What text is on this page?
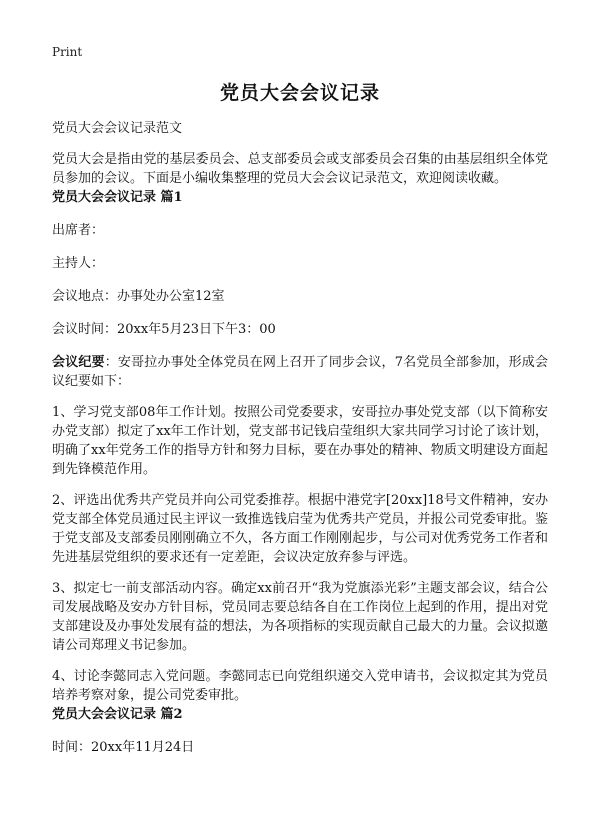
Print

党员大会会议记录

党员大会会议记录范文

党员大会是指由党的基层委员会、总支部委员会或支部委员会召集的由基层组织全体党员参加的会议。下面是小编收集整理的党员大会会议记录范文，欢迎阅读收藏。

党员大会会议记录 篇1

出席者：

主持人：

会议地点：办事处办公室12室

会议时间：20xx年5月23日下午3：00

会议纪要：安哥拉办事处全体党员在网上召开了同步会议，7名党员全部参加，形成会议纪要如下：

1、学习党支部08年工作计划。按照公司党委要求，安哥拉办事处党支部（以下简称安办党支部）拟定了xx年工作计划，党支部书记钱启莹组织大家共同学习讨论了该计划，明确了xx年党务工作的指导方针和努力目标，要在办事处的精神、物质文明建设方面起到先锋模范作用。

2、评选出优秀共产党员并向公司党委推荐。根据中港党字[20xx]18号文件精神，安办党支部全体党员通过民主评议一致推选钱启莹为优秀共产党员，并报公司党委审批。鉴于党支部及支部委员刚刚确立不久，各方面工作刚刚起步，与公司对优秀党务工作者和先进基层党组织的要求还有一定差距，会议决定放弃参与评选。

3、拟定七一前支部活动内容。确定xx前召开“我为党旗添光彩”主题支部会议，结合公司发展战略及安办方针目标，党员同志要总结各自在工作岗位上起到的作用，提出对党支部建设及办事处发展有益的想法，为各项指标的实现贡献自己最大的力量。会议拟邀请公司郑理义书记参加。

4、讨论李懿同志入党问题。李懿同志已向党组织递交入党申请书，会议拟定其为党员培养考察对象，提公司党委审批。

党员大会会议记录 篇2

时间：20xx年11月24日
